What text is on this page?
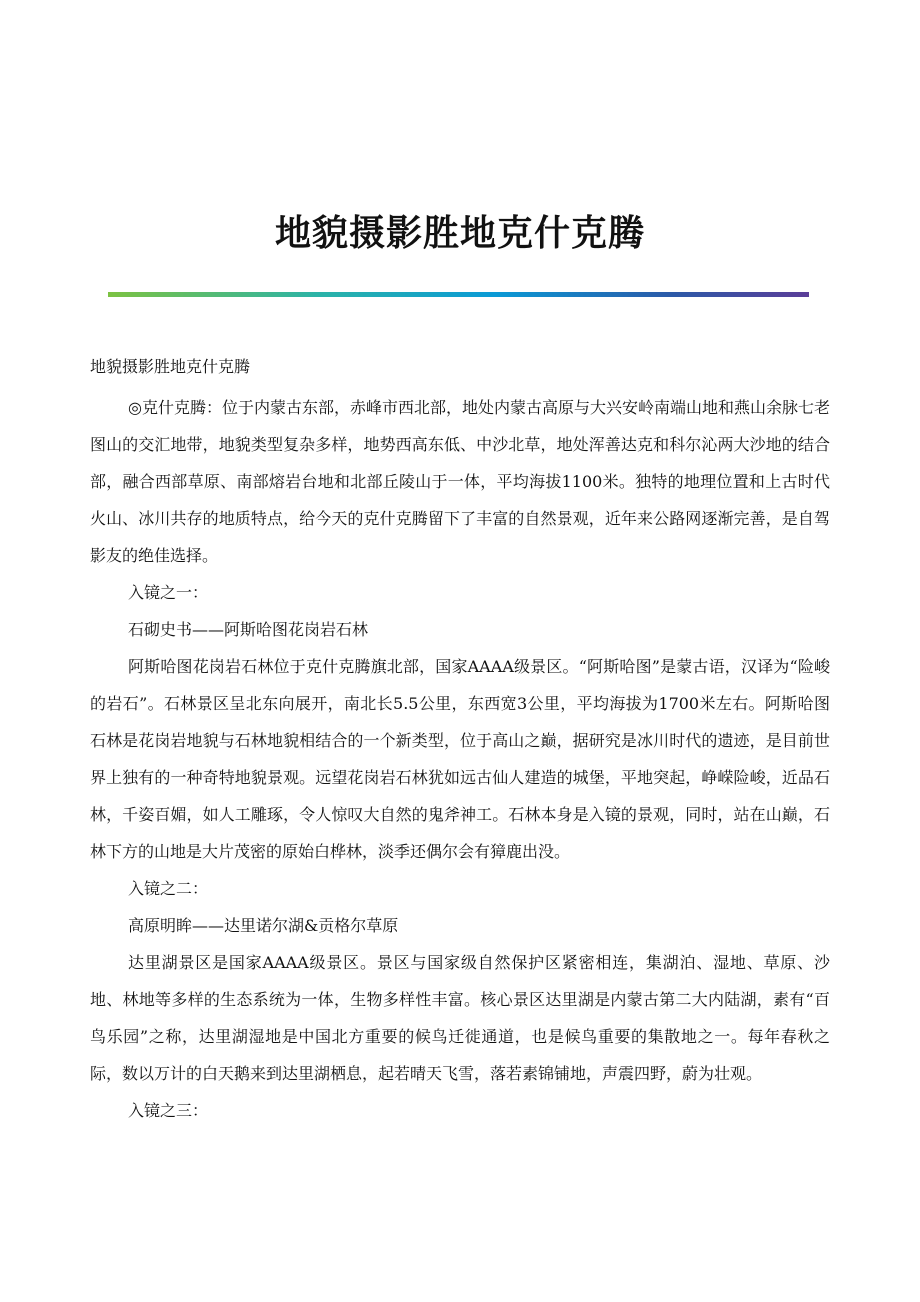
地貌摄影胜地克什克腾

地貌摄影胜地克什克腾

◎克什克腾：位于内蒙古东部，赤峰市西北部，地处内蒙古高原与大兴安岭南端山地和燕山余脉七老图山的交汇地带，地貌类型复杂多样，地势西高东低、中沙北草，地处浑善达克和科尔沁两大沙地的结合部，融合西部草原、南部熔岩台地和北部丘陵山于一体，平均海拔1100米。独特的地理位置和上古时代火山、冰川共存的地质特点，给今天的克什克腾留下了丰富的自然景观，近年来公路网逐渐完善，是自驾影友的绝佳选择。

入镜之一：

石砌史书——阿斯哈图花岗岩石林

阿斯哈图花岗岩石林位于克什克腾旗北部，国家AAAA级景区。“阿斯哈图”是蒙古语，汉译为“险峻的岩石”。石林景区呈北东向展开，南北长5.5公里，东西宽3公里，平均海拔为1700米左右。阿斯哈图石林是花岗岩地貌与石林地貌相结合的一个新类型，位于高山之巅，据研究是冰川时代的遗迹，是目前世界上独有的一种奇特地貌景观。远望花岗岩石林犹如远古仙人建造的城堡，平地突起，峥嵘险峻，近品石林，千姿百媚，如人工雕琢，令人惊叹大自然的鬼斧神工。石林本身是入镜的景观，同时，站在山巅，石林下方的山地是大片茂密的原始白桦林，淡季还偶尔会有獐鹿出没。

入镜之二：

高原明眸——达里诺尔湖&贡格尔草原

达里湖景区是国家AAAA级景区。景区与国家级自然保护区紧密相连，集湖泊、湿地、草原、沙地、林地等多样的生态系统为一体，生物多样性丰富。核心景区达里湖是内蒙古第二大内陆湖，素有“百鸟乐园”之称，达里湖湿地是中国北方重要的候鸟迁徙通道，也是候鸟重要的集散地之一。每年春秋之际，数以万计的白天鹅来到达里湖栖息，起若晴天飞雪，落若素锦铺地，声震四野，蔚为壮观。

入镜之三：
